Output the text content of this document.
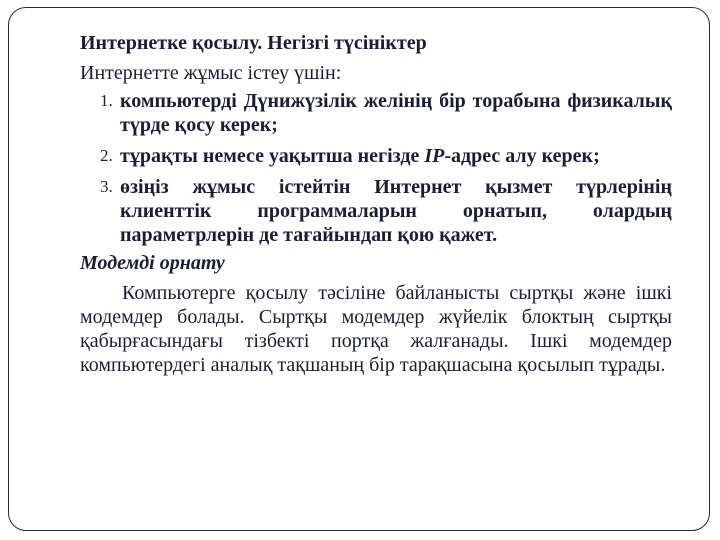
Интернетке қосылу. Негізгі түсініктер

Интернетте жұмыс істеу үшін:

1. компьютерді Дүнижүзілік желінің бір торабына физикалық түрде қосу керек;
2. тұрақты немесе уақытша негізде IP-адрес алу керек;
3. өзіңіз жұмыс істейтін Интернет қызмет түрлерінің клиенттік программаларын орнатып, олардың параметрлерін де тағайындап қою қажет.

Модемді орнату

Компьютерге қосылу тәсіліне байланысты сыртқы және ішкі модемдер болады. Сыртқы модемдер жүйелік блоктың сыртқы қабырғасындағы тізбекті портқа жалғанады. Ішкі модемдер компьютердегі аналық тақшаның бір тарақшасына қосылып тұрады.
